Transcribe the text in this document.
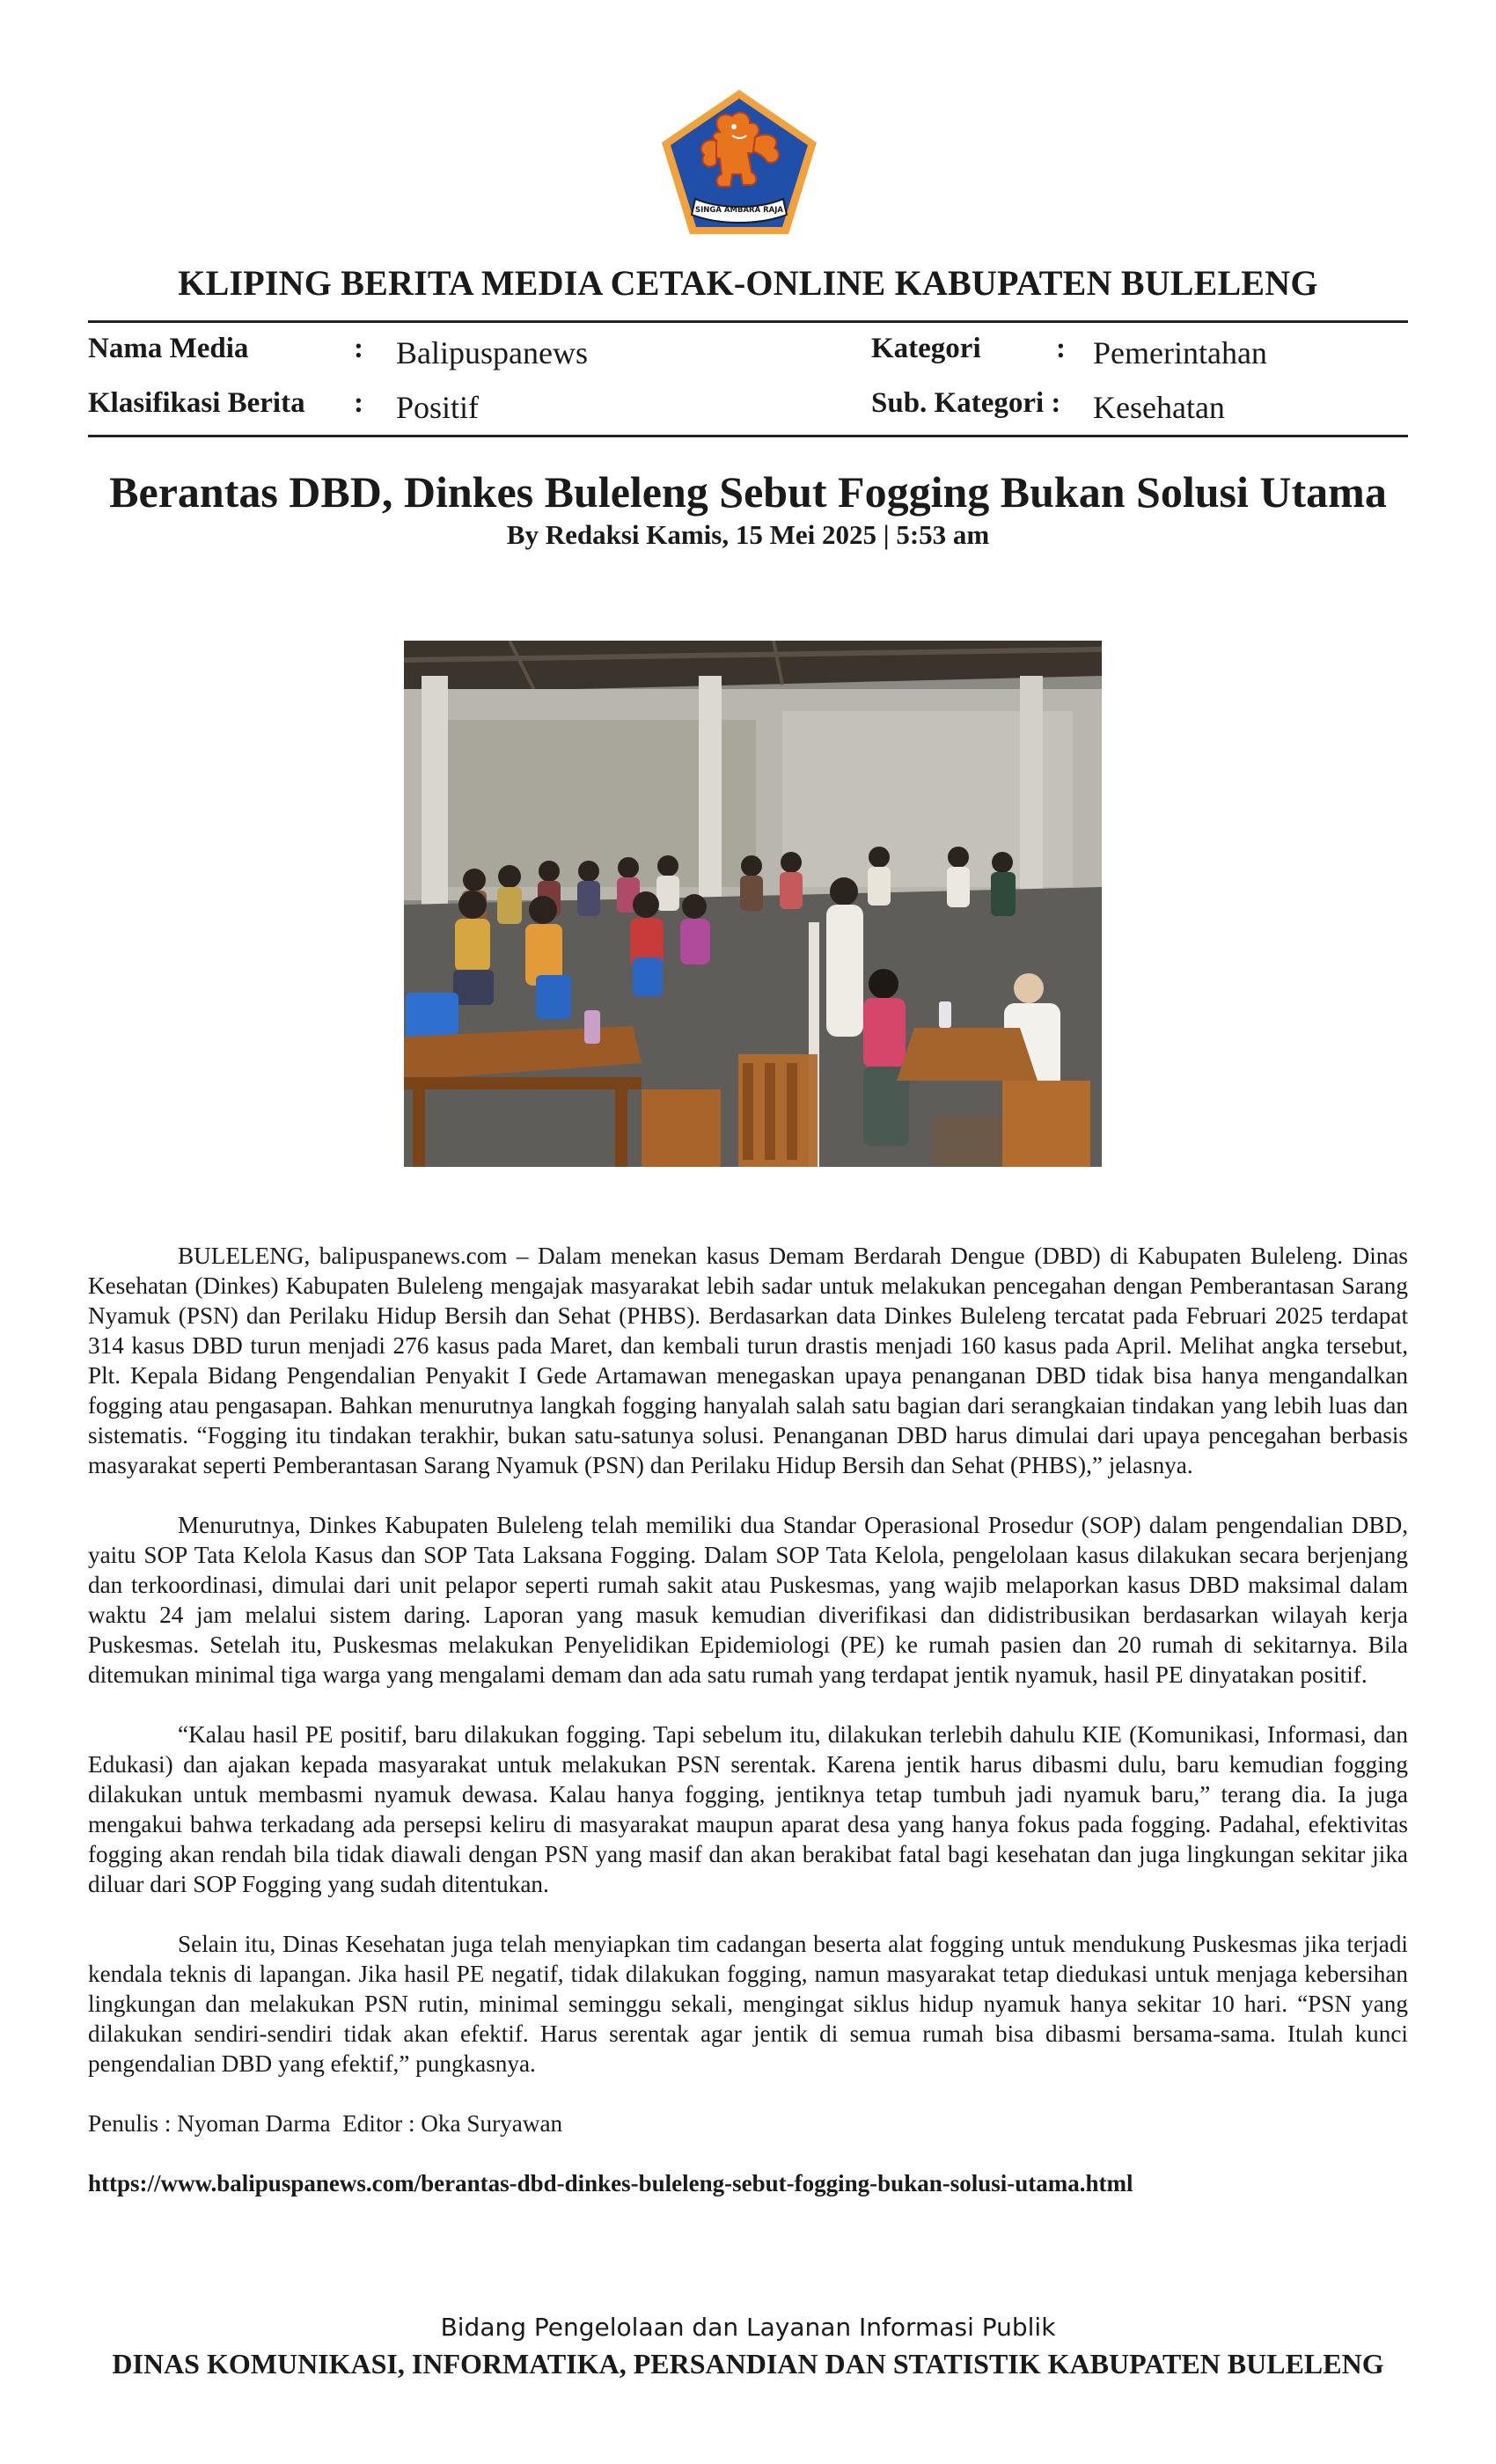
SINGA AMBARA RAJA
KLIPING BERITA MEDIA CETAK-ONLINE KABUPATEN BULELENG
Nama Media	: Balipuspanews
Klasifikasi Berita : Positif
Kategori	: Pemerintahan
Sub. Kategori : Kesehatan
Berantas DBD, Dinkes Buleleng Sebut Fogging Bukan Solusi Utama
By Redaksi Kamis, 15 Mei 2025 | 5:53 am

BULELENG, balipuspanews.com – Dalam menekan kasus Demam Berdarah Dengue (DBD) di Kabupaten Buleleng. Dinas Kesehatan (Dinkes) Kabupaten Buleleng mengajak masyarakat lebih sadar untuk melakukan pencegahan dengan Pemberantasan Sarang Nyamuk (PSN) dan Perilaku Hidup Bersih dan Sehat (PHBS). Berdasarkan data Dinkes Buleleng tercatat pada Februari 2025 terdapat 314 kasus DBD turun menjadi 276 kasus pada Maret, dan kembali turun drastis menjadi 160 kasus pada April. Melihat angka tersebut, Plt. Kepala Bidang Pengendalian Penyakit I Gede Artamawan menegaskan upaya penanganan DBD tidak bisa hanya mengandalkan fogging atau pengasapan. Bahkan menurutnya langkah fogging hanyalah salah satu bagian dari serangkaian tindakan yang lebih luas dan sistematis. “Fogging itu tindakan terakhir, bukan satu-satunya solusi. Penanganan DBD harus dimulai dari upaya pencegahan berbasis masyarakat seperti Pemberantasan Sarang Nyamuk (PSN) dan Perilaku Hidup Bersih dan Sehat (PHBS),” jelasnya.

Menurutnya, Dinkes Kabupaten Buleleng telah memiliki dua Standar Operasional Prosedur (SOP) dalam pengendalian DBD, yaitu SOP Tata Kelola Kasus dan SOP Tata Laksana Fogging. Dalam SOP Tata Kelola, pengelolaan kasus dilakukan secara berjenjang dan terkoordinasi, dimulai dari unit pelapor seperti rumah sakit atau Puskesmas, yang wajib melaporkan kasus DBD maksimal dalam waktu 24 jam melalui sistem daring. Laporan yang masuk kemudian diverifikasi dan didistribusikan berdasarkan wilayah kerja Puskesmas. Setelah itu, Puskesmas melakukan Penyelidikan Epidemiologi (PE) ke rumah pasien dan 20 rumah di sekitarnya. Bila ditemukan minimal tiga warga yang mengalami demam dan ada satu rumah yang terdapat jentik nyamuk, hasil PE dinyatakan positif.

“Kalau hasil PE positif, baru dilakukan fogging. Tapi sebelum itu, dilakukan terlebih dahulu KIE (Komunikasi, Informasi, dan Edukasi) dan ajakan kepada masyarakat untuk melakukan PSN serentak. Karena jentik harus dibasmi dulu, baru kemudian fogging dilakukan untuk membasmi nyamuk dewasa. Kalau hanya fogging, jentiknya tetap tumbuh jadi nyamuk baru,” terang dia. Ia juga mengakui bahwa terkadang ada persepsi keliru di masyarakat maupun aparat desa yang hanya fokus pada fogging. Padahal, efektivitas fogging akan rendah bila tidak diawali dengan PSN yang masif dan akan berakibat fatal bagi kesehatan dan juga lingkungan sekitar jika diluar dari SOP Fogging yang sudah ditentukan.

Selain itu, Dinas Kesehatan juga telah menyiapkan tim cadangan beserta alat fogging untuk mendukung Puskesmas jika terjadi kendala teknis di lapangan. Jika hasil PE negatif, tidak dilakukan fogging, namun masyarakat tetap diedukasi untuk menjaga kebersihan lingkungan dan melakukan PSN rutin, minimal seminggu sekali, mengingat siklus hidup nyamuk hanya sekitar 10 hari. “PSN yang dilakukan sendiri-sendiri tidak akan efektif. Harus serentak agar jentik di semua rumah bisa dibasmi bersama-sama. Itulah kunci pengendalian DBD yang efektif,” pungkasnya.

Penulis : Nyoman Darma  Editor : Oka Suryawan

https://www.balipuspanews.com/berantas-dbd-dinkes-buleleng-sebut-fogging-bukan-solusi-utama.html

Bidang Pengelolaan dan Layanan Informasi Publik
DINAS KOMUNIKASI, INFORMATIKA, PERSANDIAN DAN STATISTIK KABUPATEN BULELENG
